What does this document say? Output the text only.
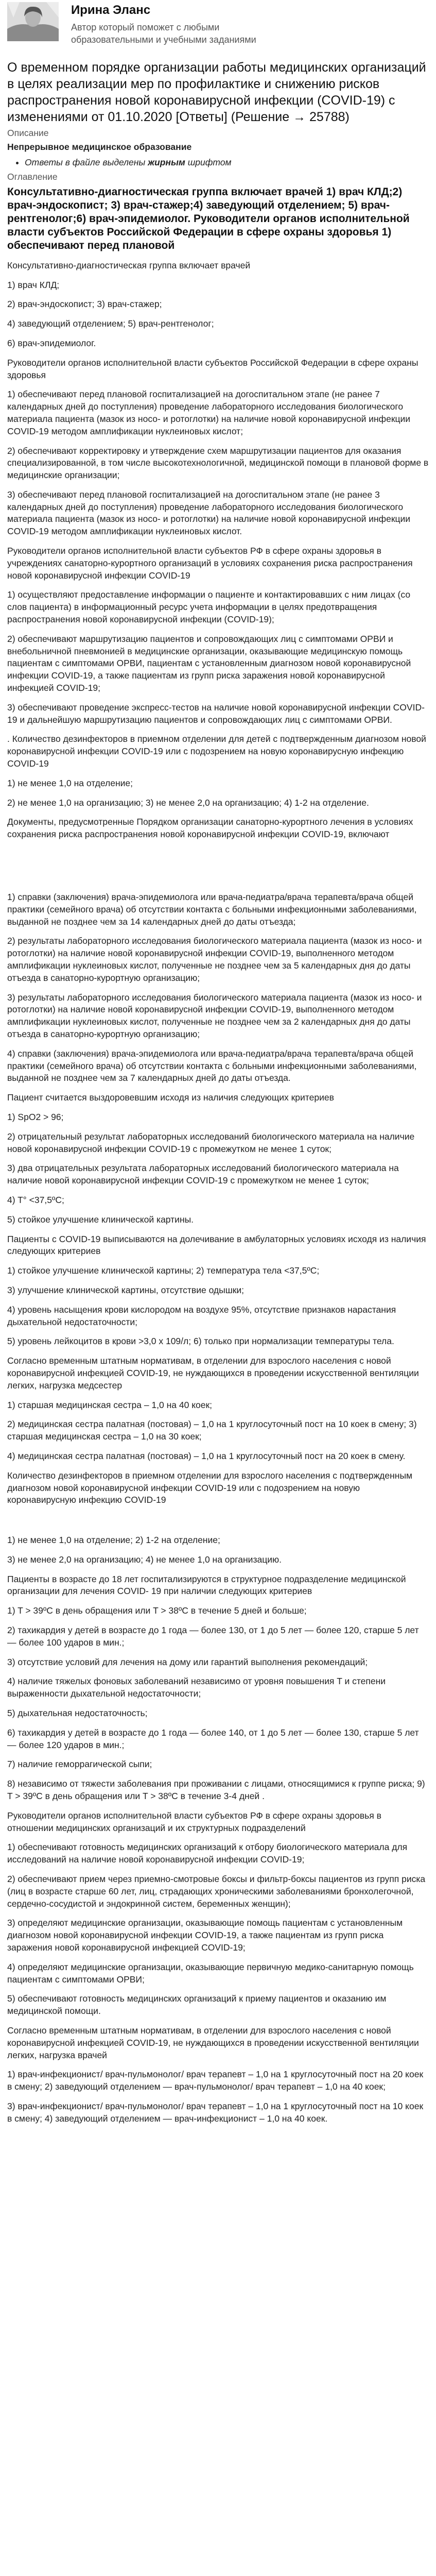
Ирина Эланс
Автор который поможет с любыми образовательными и учебными заданиями
О временном порядке организации работы медицинских организаций в целях реализации мер по профилактике и снижению рисков распространения новой коронавирусной инфекции (COVID-19) с изменениями от 01.10.2020 [Ответы] (Решение → 25788)
Описание
Непрерывное медицинское образование
• Ответы в файле выделены жирным шрифтом
Оглавление
Консультативно-диагностическая группа включает врачей 1) врач КЛД;2) врач-эндоскопист; 3) врач-стажер;4) заведующий отделением; 5) врач-рентгенолог;6) врач-эпидемиолог. Руководители органов исполнительной власти субъектов Российской Федерации в сфере охраны здоровья 1) обеспечивают перед плановой

Консультативно-диагностическая группа включает врачей

1) врач КЛД;

2) врач-эндоскопист; 3) врач-стажер;

4) заведующий отделением; 5) врач-рентгенолог;

6) врач-эпидемиолог.

Руководители органов исполнительной власти субъектов Российской Федерации в сфере охраны здоровья

1) обеспечивают перед плановой госпитализацией на догоспитальном этапе (не ранее 7 календарных дней до поступления) проведение лабораторного исследования биологического материала пациента (мазок из носо- и ротоглотки) на наличие новой коронавирусной инфекции COVID-19 методом амплификации нуклеиновых кислот;

2) обеспечивают корректировку и утверждение схем маршрутизации пациентов для оказания специализированной, в том числе высокотехнологичной, медицинской помощи в плановой форме в медицинские организации;

3) обеспечивают перед плановой госпитализацией на догоспитальном этапе (не ранее 3 календарных дней до поступления) проведение лабораторного исследования биологического материала пациента (мазок из носо- и ротоглотки) на наличие новой коронавирусной инфекции COVID-19 методом амплификации нуклеиновых кислот.

Руководители органов исполнительной власти субъектов РФ в сфере охраны здоровья в учреждениях санаторно-курортного организаций в условиях сохранения риска распространения новой коронавирусной инфекции COVID-19

1) осуществляют предоставление информации о пациенте и контактировавших с ним лицах (со слов пациента) в информационный ресурс учета информации в целях предотвращения распространения новой коронавирусной инфекции (COVID-19);

2) обеспечивают маршрутизацию пациентов и сопровождающих лиц с симптомами ОРВИ и внебольничной пневмонией в медицинские организации, оказывающие медицинскую помощь пациентам с симптомами ОРВИ, пациентам с установленным диагнозом новой коронавирусной инфекции COVID-19, а также пациентам из групп риска заражения новой коронавирусной инфекцией COVID-19;

3) обеспечивают проведение экспресс-тестов на наличие новой коронавирусной инфекции COVID-19 и дальнейшую маршрутизацию пациентов и сопровождающих лиц с симптомами ОРВИ.

. Количество дезинфекторов в приемном отделении для детей с подтвержденным диагнозом новой коронавирусной инфекции COVID-19 или с подозрением на новую коронавирусную инфекцию COVID-19

1) не менее 1,0 на отделение;

2) не менее 1,0 на организацию; 3) не менее 2,0 на организацию; 4) 1-2 на отделение.

Документы, предусмотренные Порядком организации санаторно-курортного лечения в условиях сохранения риска распространения новой коронавирусной инфекции COVID-19, включают

1) справки (заключения) врача-эпидемиолога или врача-педиатра/врача терапевта/врача общей практики (семейного врача) об отсутствии контакта с больными инфекционными заболеваниями, выданной не позднее чем за 14 календарных дней до даты отъезда;

2) результаты лабораторного исследования биологического материала пациента (мазок из носо- и ротоглотки) на наличие новой коронавирусной инфекции COVID-19, выполненного методом амплификации нуклеиновых кислот, полученные не позднее чем за 5 календарных дня до даты отъезда в санаторно-курортную организацию;

3) результаты лабораторного исследования биологического материала пациента (мазок из носо- и ротоглотки) на наличие новой коронавирусной инфекции COVID-19, выполненного методом амплификации нуклеиновых кислот, полученные не позднее чем за 2 календарных дня до даты отъезда в санаторно-курортную организацию;

4) справки (заключения) врача-эпидемиолога или врача-педиатра/врача терапевта/врача общей практики (семейного врача) об отсутствии контакта с больными инфекционными заболеваниями, выданной не позднее чем за 7 календарных дней до даты отъезда.

Пациент считается выздоровевшим исходя из наличия следующих критериев

1) SpO2 > 96;

2) отрицательный результат лабораторных исследований биологического материала на наличие новой коронавирусной инфекции COVID-19 с промежутком не менее 1 суток;

3) два отрицательных результата лабораторных исследований биологического материала на наличие новой коронавирусной инфекции COVID-19 с промежутком не менее 1 суток;

4) T° <37,5ºC;

5) стойкое улучшение клинической картины.

Пациенты с COVID-19 выписываются на долечивание в амбулаторных условиях исходя из наличия следующих критериев

1) стойкое улучшение клинической картины; 2) температура тела <37,5ºC;

3) улучшение клинической картины, отсутствие одышки;

4) уровень насыщения крови кислородом на воздухе 95%, отсутствие признаков нарастания дыхательной недостаточности;

5) уровень лейкоцитов в крови >3,0 х 109/л; 6) только при нормализации температуры тела.

Согласно временным штатным нормативам, в отделении для взрослого населения с новой коронавирусной инфекцией COVID-19, не нуждающихся в проведении искусственной вентиляции легких, нагрузка медсестер

1) старшая медицинская сестра – 1,0 на 40 коек;

2) медицинская сестра палатная (постовая) – 1,0 на 1 круглосуточный пост на 10 коек в смену; 3) старшая медицинская сестра – 1,0 на 30 коек;

4) медицинская сестра палатная (постовая) – 1,0 на 1 круглосуточный пост на 20 коек в смену.

Количество дезинфекторов в приемном отделении для взрослого населения с подтвержденным диагнозом новой коронавирусной инфекции COVID-19 или с подозрением на новую коронавирусную инфекцию COVID-19

1) не менее 1,0 на отделение; 2) 1-2 на отделение;

3) не менее 2,0 на организацию; 4) не менее 1,0 на организацию.

Пациенты в возрасте до 18 лет госпитализируются в структурное подразделение медицинской организации для лечения COVID- 19 при наличии следующих критериев

1) T > 39ºC в день обращения или T > 38ºC в течение 5 дней и больше;

2) тахикардия у детей в возрасте до 1 года — более 130, от 1 до 5 лет — более 120, старше 5 лет — более 100 ударов в мин.;

3) отсутствие условий для лечения на дому или гарантий выполнения рекомендаций;

4) наличие тяжелых фоновых заболеваний независимо от уровня повышения T и степени выраженности дыхательной недостаточности;

5) дыхательная недостаточность;

6) тахикардия у детей в возрасте до 1 года — более 140, от 1 до 5 лет — более 130, старше 5 лет — более 120 ударов в мин.;

7) наличие геморрагической сыпи;

8) независимо от тяжести заболевания при проживании с лицами, относящимися к группе риска; 9) T > 39ºC в день обращения или T > 38ºC в течение 3-4 дней .

Руководители органов исполнительной власти субъектов РФ в сфере охраны здоровья в отношении медицинских организаций и их структурных подразделений

1) обеспечивают готовность медицинских организаций к отбору биологического материала для исследований на наличие новой коронавирусной инфекции COVID-19;

2) обеспечивают прием через приемно-смотровые боксы и фильтр-боксы пациентов из групп риска (лиц в возрасте старше 60 лет, лиц, страдающих хроническими заболеваниями бронхолегочной, сердечно-сосудистой и эндокринной систем, беременных женщин);

3) определяют медицинские организации, оказывающие помощь пациентам с установленным диагнозом новой коронавирусной инфекции COVID-19, а также пациентам из групп риска заражения новой коронавирусной инфекцией COVID-19;

4) определяют медицинские организации, оказывающие первичную медико-санитарную помощь пациентам с симптомами ОРВИ;

5) обеспечивают готовность медицинских организаций к приему пациентов и оказанию им медицинской помощи.

Согласно временным штатным нормативам, в отделении для взрослого населения с новой коронавирусной инфекцией COVID-19, не нуждающихся в проведении искусственной вентиляции легких, нагрузка врачей

1) врач-инфекционист/ врач-пульмонолог/ врач терапевт – 1,0 на 1 круглосуточный пост на 20 коек в смену; 2) заведующий отделением — врач-пульмонолог/ врач терапевт – 1,0 на 40 коек;

3) врач-инфекционист/ врач-пульмонолог/ врач терапевт – 1,0 на 1 круглосуточный пост на 10 коек в смену; 4) заведующий отделением — врач-инфекционист – 1,0 на 40 коек.
